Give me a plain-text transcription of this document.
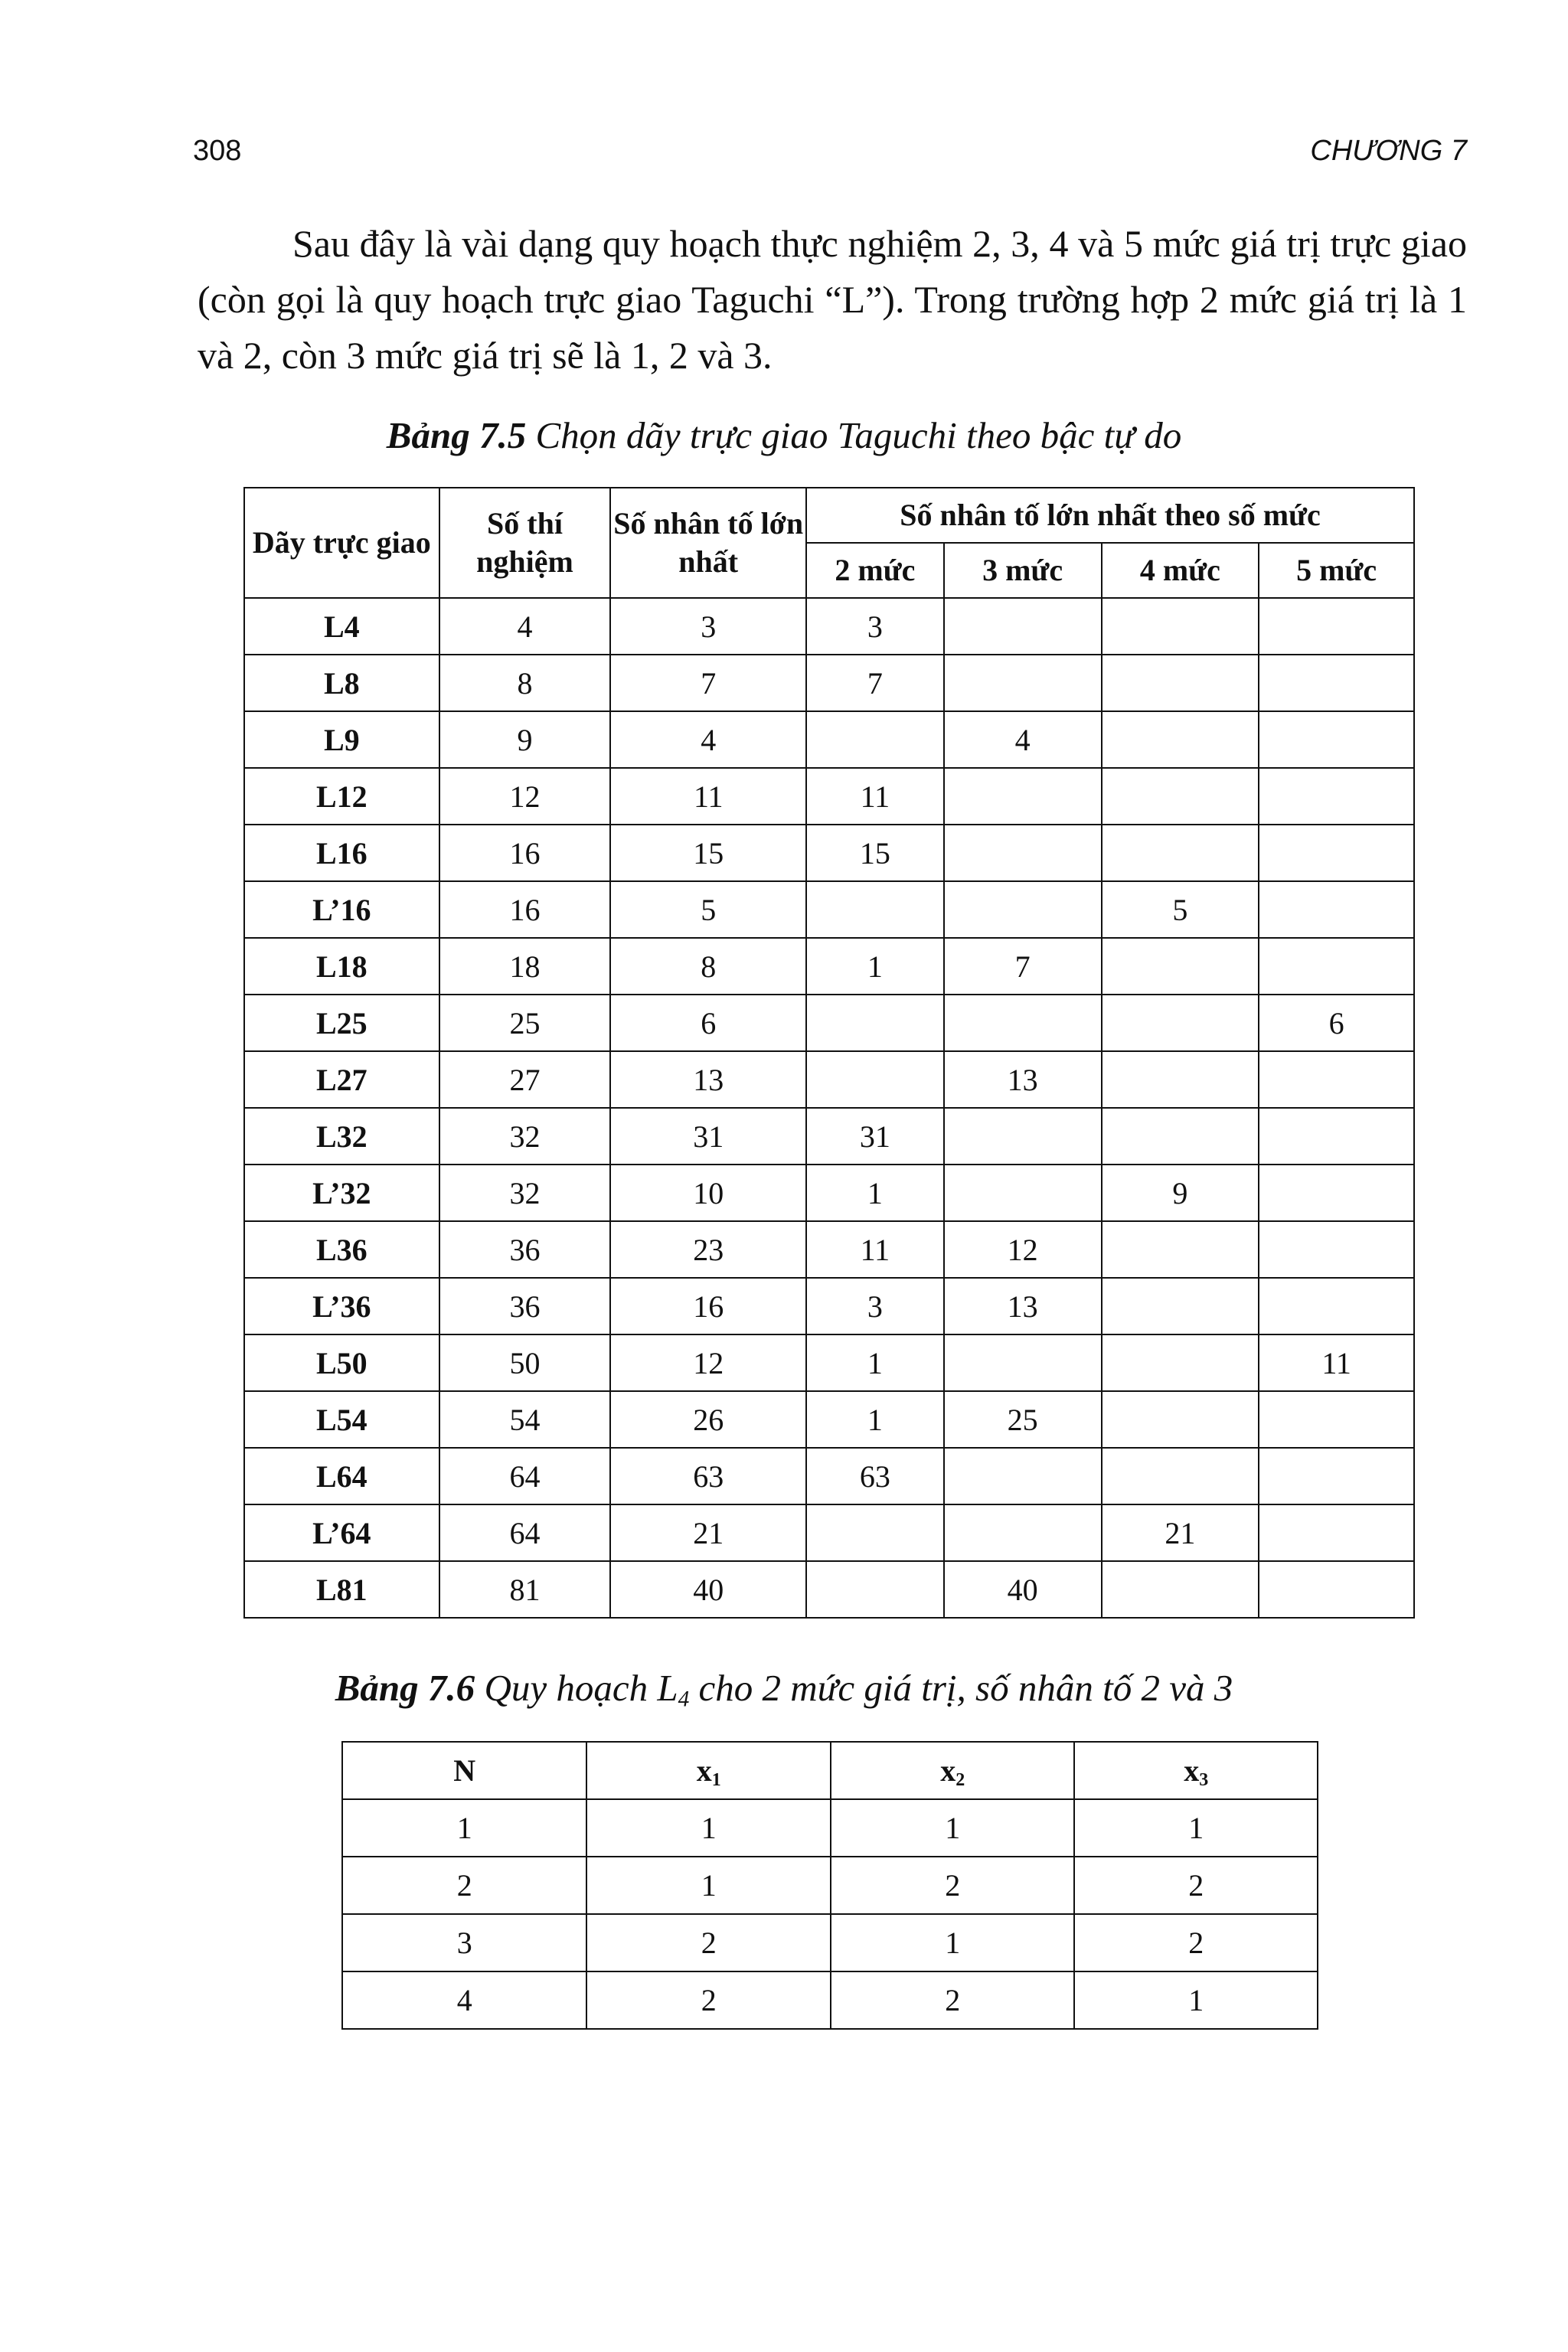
308	CHƯƠNG 7

Sau đây là vài dạng quy hoạch thực nghiệm 2, 3, 4 và 5 mức giá trị trực giao (còn gọi là quy hoạch trực giao Taguchi “L”). Trong trường hợp 2 mức giá trị là 1 và 2, còn 3 mức giá trị sẽ là 1, 2 và 3.

Bảng 7.5 Chọn dãy trực giao Taguchi theo bậc tự do

Dãy trực giao	Số thí nghiệm	Số nhân tố lớn nhất	Số nhân tố lớn nhất theo số mức			
			2 mức	3 mức	4 mức	5 mức
L4	4	3	3			
L8	8	7	7			
L9	9	4		4		
L12	12	11	11			
L16	16	15	15			
L’16	16	5			5	
L18	18	8	1	7		
L25	25	6				6
L27	27	13		13		
L32	32	31	31			
L’32	32	10	1		9	
L36	36	23	11	12		
L’36	36	16	3	13		
L50	50	12	1			11
L54	54	26	1	25		
L64	64	63	63			
L’64	64	21			21	
L81	81	40		40		

Bảng 7.6 Quy hoạch $L_4$ cho 2 mức giá trị, số nhân tố 2 và 3

N	$x_1$	$x_2$	$x_3$
1	1	1	1
2	1	2	2
3	2	1	2
4	2	2	1
